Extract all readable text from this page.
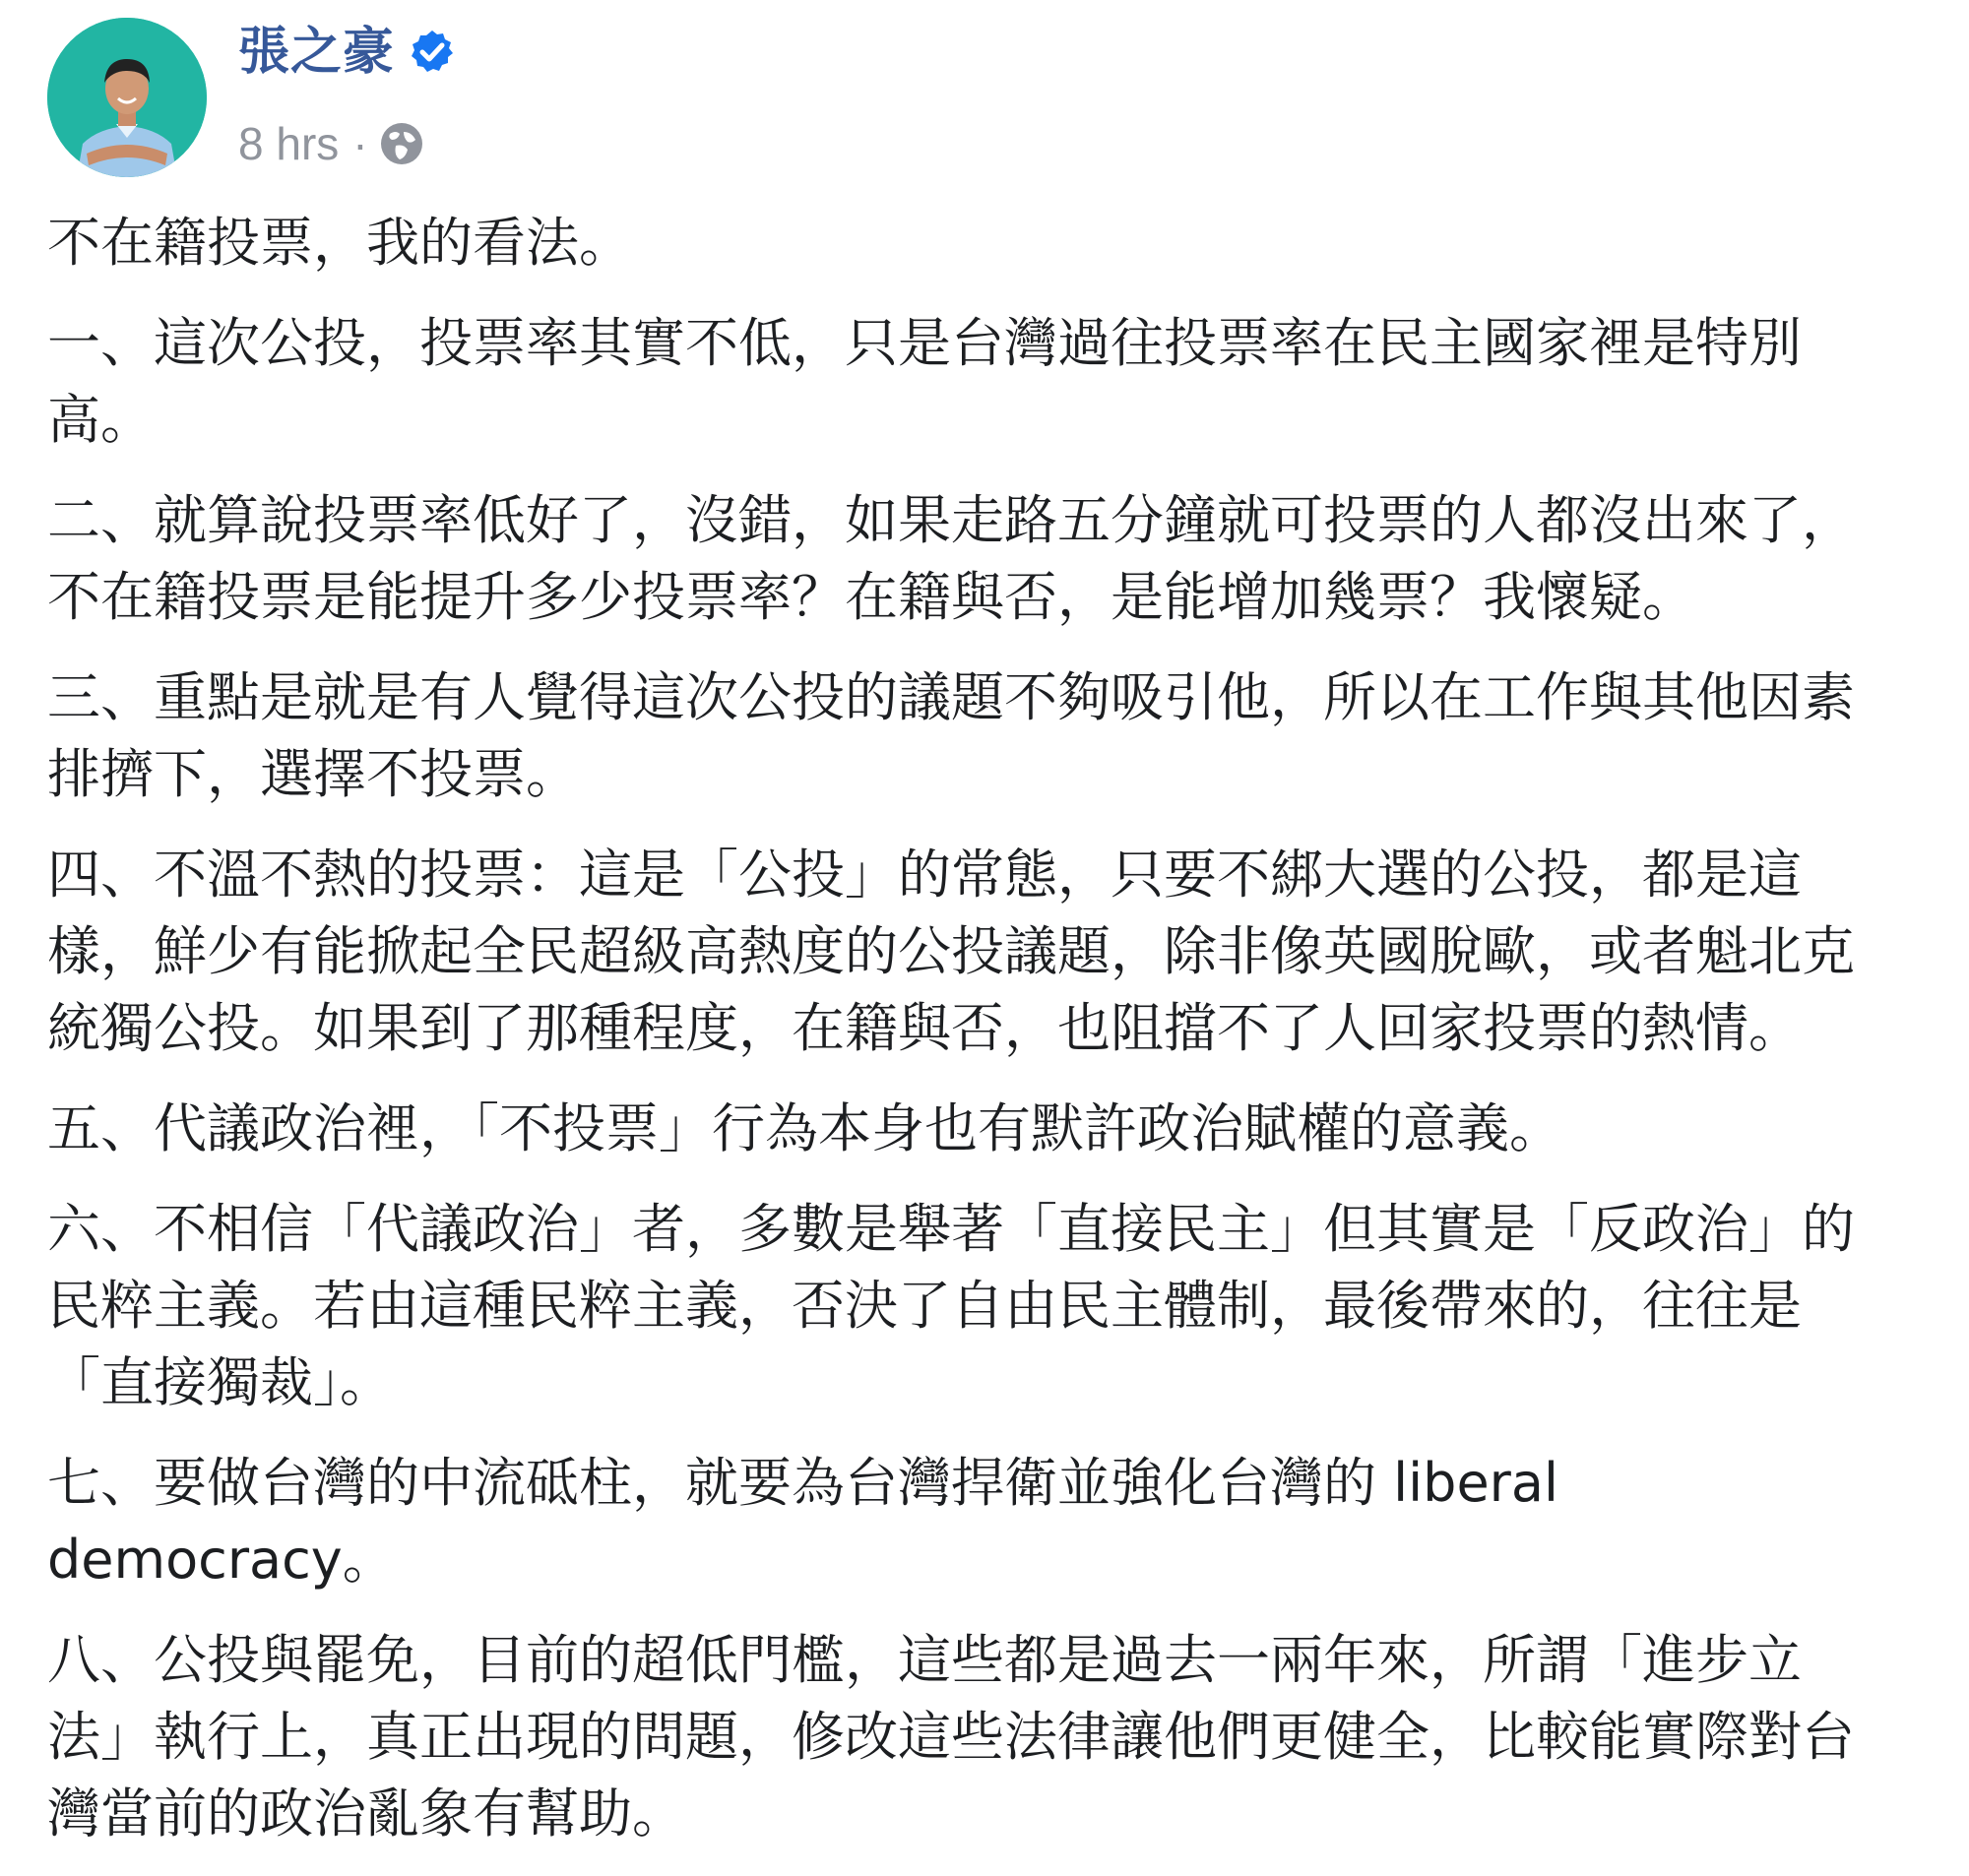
張之豪
8 hrs ·

不在籍投票，我的看法。

一、這次公投，投票率其實不低，只是台灣過往投票率在民主國家裡是特別
高。

二、就算說投票率低好了，沒錯，如果走路五分鐘就可投票的人都沒出來了，
不在籍投票是能提升多少投票率？在籍與否，是能增加幾票？我懷疑。

三、重點是就是有人覺得這次公投的議題不夠吸引他，所以在工作與其他因素
排擠下，選擇不投票。

四、不溫不熱的投票：這是「公投」的常態，只要不綁大選的公投，都是這
樣，鮮少有能掀起全民超級高熱度的公投議題，除非像英國脫歐，或者魁北克
統獨公投。如果到了那種程度，在籍與否，也阻擋不了人回家投票的熱情。

五、代議政治裡，「不投票」行為本身也有默許政治賦權的意義。

六、不相信「代議政治」者，多數是舉著「直接民主」但其實是「反政治」的
民粹主義。若由這種民粹主義，否決了自由民主體制，最後帶來的，往往是
「直接獨裁」。

七、要做台灣的中流砥柱，就要為台灣捍衛並強化台灣的 liberal
democracy。

八、公投與罷免，目前的超低門檻，這些都是過去一兩年來，所謂「進步立
法」執行上，真正出現的問題，修改這些法律讓他們更健全，比較能實際對台
灣當前的政治亂象有幫助。
